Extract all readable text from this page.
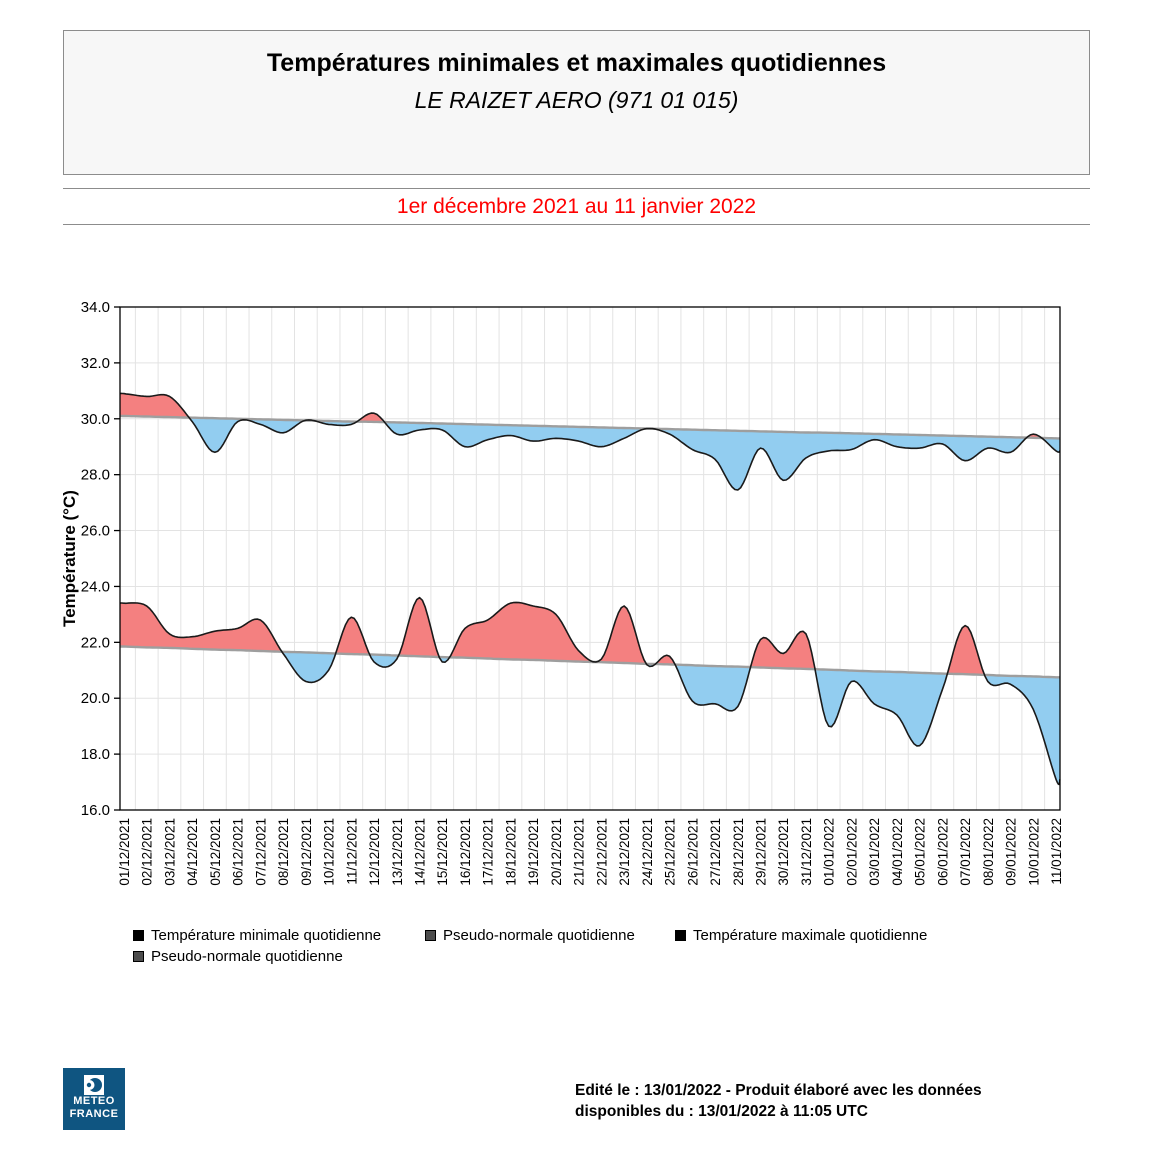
Températures minimales et maximales quotidiennes
LE RAIZET AERO (971 01 015)
1er décembre 2021 au 11 janvier 2022
16.0
18.0
20.0
22.0
24.0
26.0
28.0
30.0
32.0
34.0
01/12/2021 02/12/2021 03/12/2021 04/12/2021 05/12/2021 06/12/2021 07/12/2021 08/12/2021 09/12/2021 10/12/2021 11/12/2021 12/12/2021 13/12/2021 14/12/2021 15/12/2021 16/12/2021 17/12/2021 18/12/2021 19/12/2021 20/12/2021 21/12/2021 22/12/2021 23/12/2021 24/12/2021 25/12/2021 26/12/2021 27/12/2021 28/12/2021 29/12/2021 30/12/2021 31/12/2021 01/01/2022 02/01/2022 03/01/2022 04/01/2022 05/01/2022 06/01/2022 07/01/2022 08/01/2022 09/01/2022 10/01/2022 11/01/2022
Température (°C)
Température minimale quotidienne	Pseudo-normale quotidienne	Température maximale quotidienne
Pseudo-normale quotidienne
METEO
FRANCE
Edité le : 13/01/2022 - Produit élaboré avec les données
disponibles du : 13/01/2022 à 11:05 UTC
